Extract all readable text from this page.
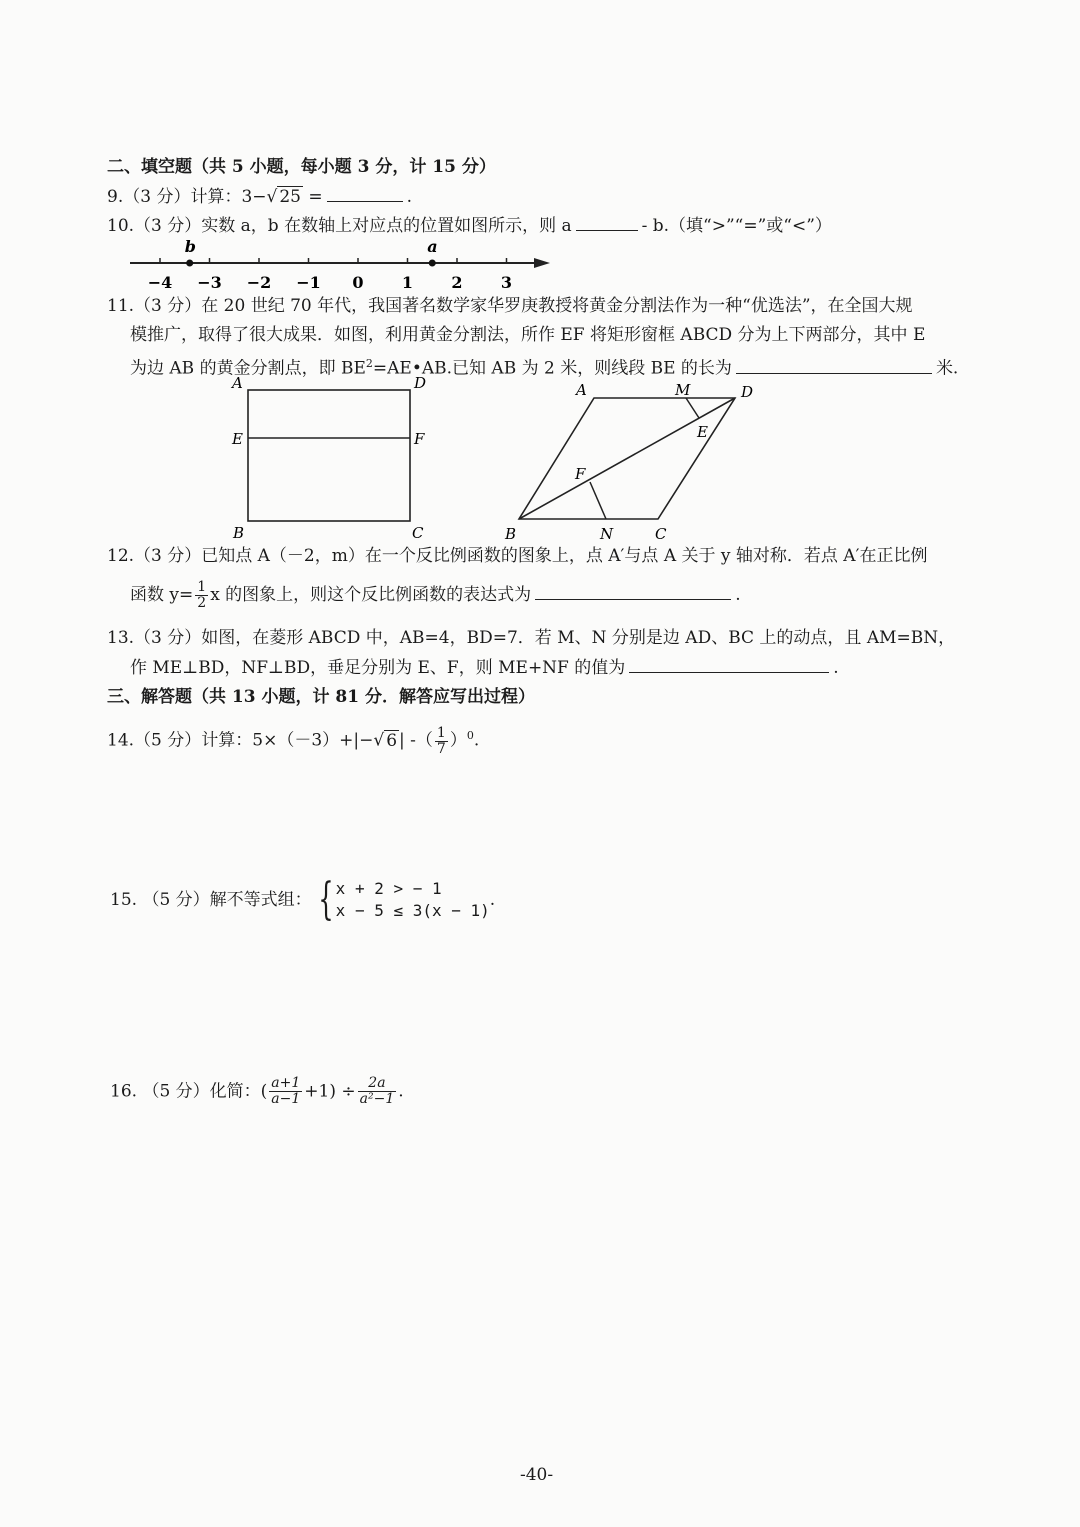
二、填空题（共 5 小题，每小题 3 分，计 15 分）
9.（3 分）计算：3−√ 25 =	.
10.（3 分）实数 a，b 在数轴上对应点的位置如图所示，则 a	- b.（填“>”“=”或“<”）
−4 −3 −2 −1 0 1 2 3
b	a
11.（3 分）在 20 世纪 70 年代，我国著名数学家华罗庚教授将黄金分割法作为一种“优选法”，在全国大规
模推广，取得了很大成果．如图，利用黄金分割法，所作 EF 将矩形窗框 ABCD 分为上下两部分，其中 E
为边 AB 的黄金分割点，即 $BE^2=AE•AB$.已知 AB 为 2 米，则线段 BE 的长为	米.
A	D
E	F
B	C
A	M	D
E
F
B	N	C
12.（3 分）已知点 A（－2，m）在一个反比例函数的图象上，点 A′与点 A 关于 y 轴对称．若点 A′在正比例
函数 $y= \frac{1}{2}$ x 的图象上，则这个反比例函数的表达式为	.
13.（3 分）如图，在菱形 ABCD 中，AB=4，BD=7．若 M、N 分别是边 AD、BC 上的动点，且 AM=BN，
作 ME⊥BD，NF⊥BD，垂足分别为 E、F，则 ME+NF 的值为	.
三、解答题（共 13 小题，计 81 分．解答应写出过程）
14.（5 分）计算：5×（－3）+|−√ 6 | -（ $\frac{1}{7} )^0$.
15. （5 分）解不等式组： { x + 2 > − 1
x − 5 ≤ 3(x − 1)
.
16. （5 分）化简：( $\frac{a+1}{a-1} +1) \div \frac{2a}{\text{a²−1}}$ .
-40-
